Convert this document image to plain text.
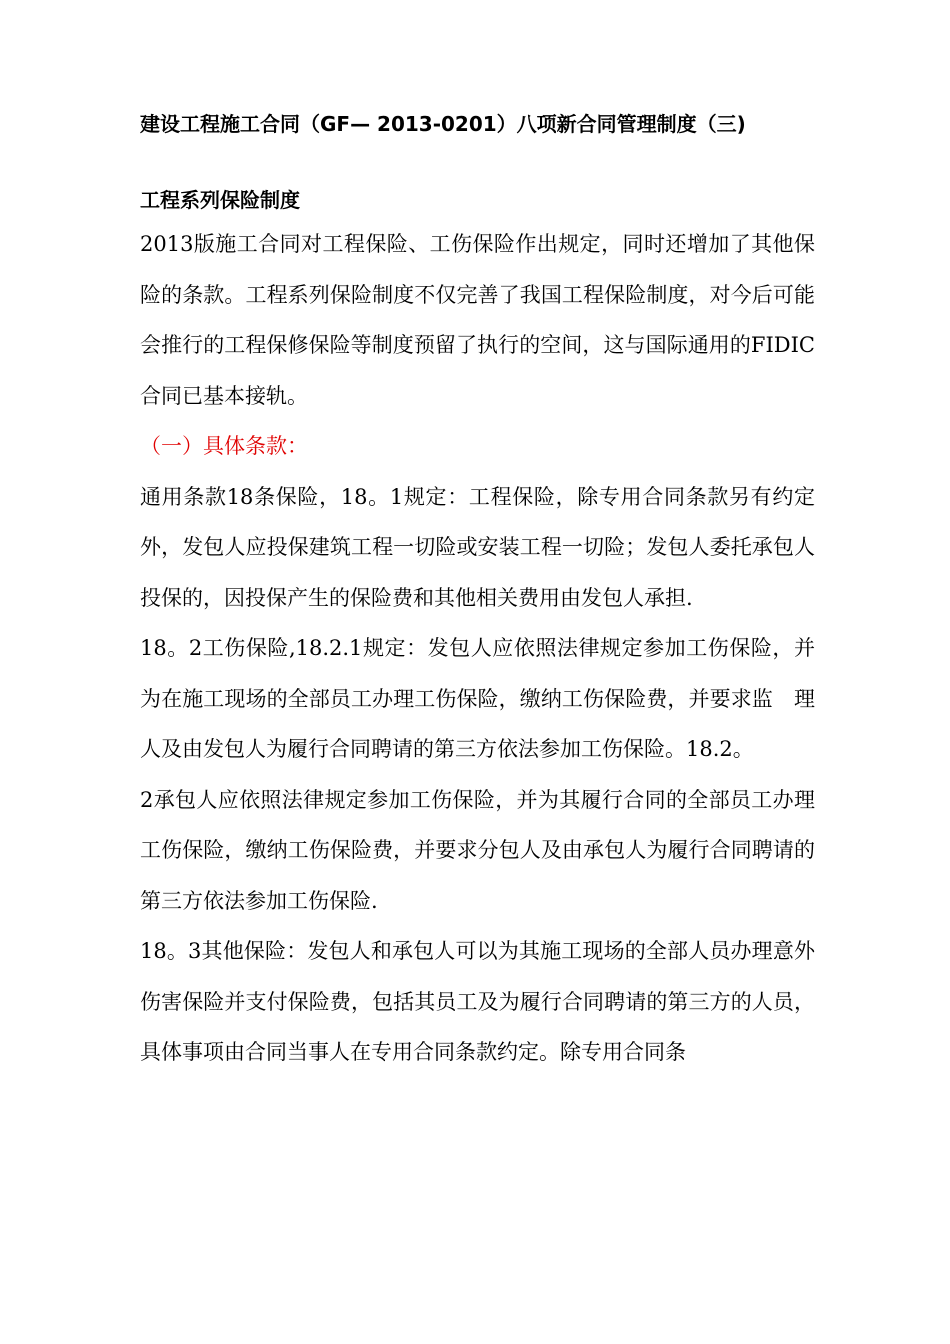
建设工程施工合同（GF— 2013-0201）八项新合同管理制度（三)
工程系列保险制度

2013版施工合同对工程保险、工伤保险作出规定，同时还增加了其他保险的条款。工程系列保险制度不仅完善了我国工程保险制度，对今后可能会推行的工程保修保险等制度预留了执行的空间，这与国际通用的FIDIC合同已基本接轨。

（一）具体条款：

通用条款18条保险，18。1规定：工程保险，除专用合同条款另有约定外，发包人应投保建筑工程一切险或安装工程一切险；发包人委托承包人投保的，因投保产生的保险费和其他相关费用由发包人承担.

18。2工伤保险,18.2.1规定：发包人应依照法律规定参加工伤保险，并为在施工现场的全部员工办理工伤保险，缴纳工伤保险费，并要求监　理人及由发包人为履行合同聘请的第三方依法参加工伤保险。18.2。

2承包人应依照法律规定参加工伤保险，并为其履行合同的全部员工办理工伤保险，缴纳工伤保险费，并要求分包人及由承包人为履行合同聘请的第三方依法参加工伤保险.

18。3其他保险：发包人和承包人可以为其施工现场的全部人员办理意外伤害保险并支付保险费，包括其员工及为履行合同聘请的第三方的人员，具体事项由合同当事人在专用合同条款约定。除专用合同条
